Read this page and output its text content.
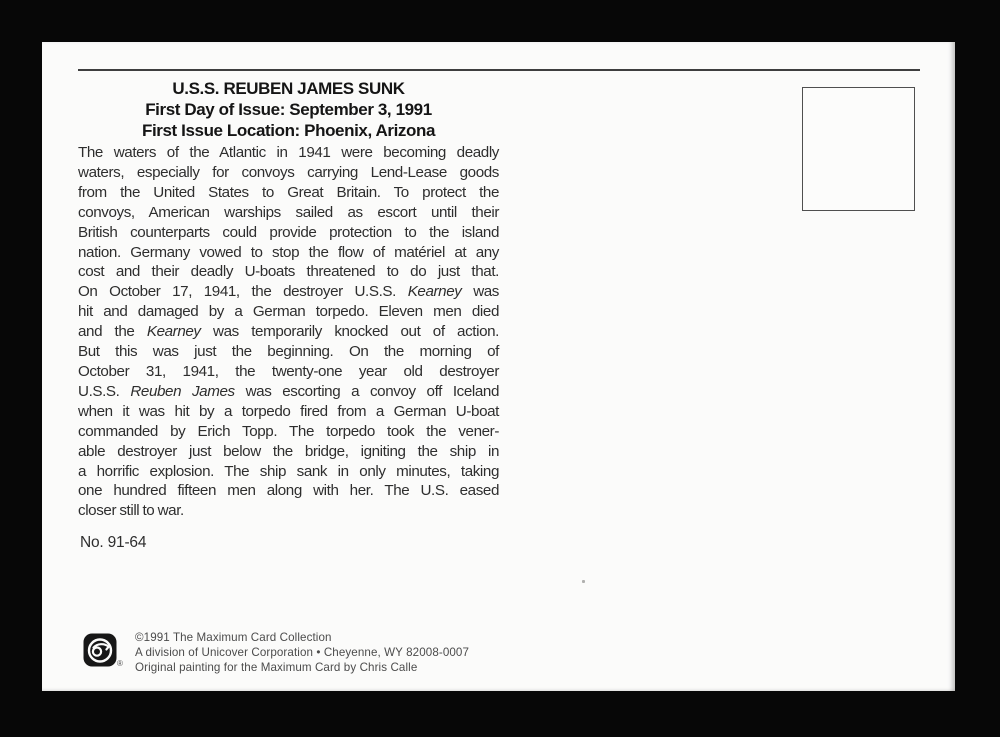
U.S.S. REUBEN JAMES SUNK
First Day of Issue: September 3, 1991
First Issue Location: Phoenix, Arizona
The waters of the Atlantic in 1941 were becoming deadly
waters, especially for convoys carrying Lend-Lease goods
from the United States to Great Britain. To protect the
convoys, American warships sailed as escort until their
British counterparts could provide protection to the island
nation. Germany vowed to stop the flow of matériel at any
cost and their deadly U-boats threatened to do just that.
On October 17, 1941, the destroyer U.S.S. Kearney was
hit and damaged by a German torpedo. Eleven men died
and the Kearney was temporarily knocked out of action.
But this was just the beginning. On the morning of
October 31, 1941, the twenty-one year old destroyer
U.S.S. Reuben James was escorting a convoy off Iceland
when it was hit by a torpedo fired from a German U-boat
commanded by Erich Topp. The torpedo took the vener-
able destroyer just below the bridge, igniting the ship in
a horrific explosion. The ship sank in only minutes, taking
one hundred fifteen men along with her. The U.S. eased
closer still to war.
No. 91-64
®
©1991 The Maximum Card Collection
A division of Unicover Corporation • Cheyenne, WY 82008-0007
Original painting for the Maximum Card by Chris Calle
